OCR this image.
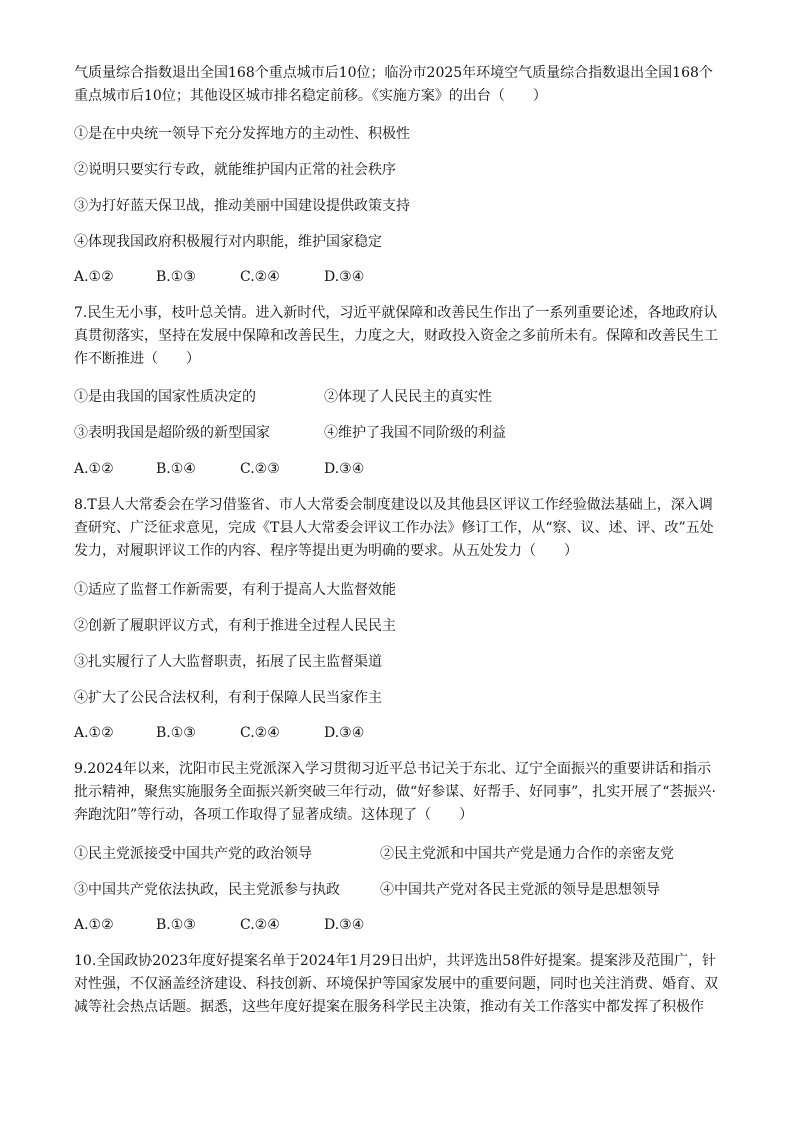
气质量综合指数退出全国168个重点城市后10位；临汾市2025年环境空气质量综合指数退出全国168个重点城市后10位；其他设区城市排名稳定前移。《实施方案》的出台（　　）

①是在中央统一领导下充分发挥地方的主动性、积极性
②说明只要实行专政，就能维护国内正常的社会秩序
③为打好蓝天保卫战，推动美丽中国建设提供政策支持
④体现我国政府积极履行对内职能，维护国家稳定
A.①②	B.①③	C.②④	D.③④

7.民生无小事，枝叶总关情。进入新时代，习近平就保障和改善民生作出了一系列重要论述，各地政府认真贯彻落实，坚持在发展中保障和改善民生，力度之大，财政投入资金之多前所未有。保障和改善民生工作不断推进（　　）

①是由我国的国家性质决定的	②体现了人民民主的真实性
③表明我国是超阶级的新型国家	④维护了我国不同阶级的利益
A.①②	B.①④	C.②③	D.③④

8.T县人大常委会在学习借鉴省、市人大常委会制度建设以及其他县区评议工作经验做法基础上，深入调查研究、广泛征求意见，完成《T县人大常委会评议工作办法》修订工作，从“察、议、述、评、改”五处发力，对履职评议工作的内容、程序等提出更为明确的要求。从五处发力（　　）

①适应了监督工作新需要，有利于提高人大监督效能
②创新了履职评议方式，有利于推进全过程人民民主
③扎实履行了人大监督职责，拓展了民主监督渠道
④扩大了公民合法权利，有利于保障人民当家作主
A.①②	B.①③	C.②④	D.③④

9.2024年以来，沈阳市民主党派深入学习贯彻习近平总书记关于东北、辽宁全面振兴的重要讲话和指示批示精神，聚焦实施服务全面振兴新突破三年行动，做“好参谋、好帮手、好同事”，扎实开展了“荟振兴·奔跑沈阳”等行动，各项工作取得了显著成绩。这体现了（　　）

①民主党派接受中国共产党的政治领导	②民主党派和中国共产党是通力合作的亲密友党
③中国共产党依法执政，民主党派参与执政	④中国共产党对各民主党派的领导是思想领导
A.①②	B.①③	C.②④	D.③④

10.全国政协2023年度好提案名单于2024年1月29日出炉，共评选出58件好提案。提案涉及范围广，针对性强，不仅涵盖经济建设、科技创新、环境保护等国家发展中的重要问题，同时也关注消费、婚育、双减等社会热点话题。据悉，这些年度好提案在服务科学民主决策，推动有关工作落实中都发挥了积极作
